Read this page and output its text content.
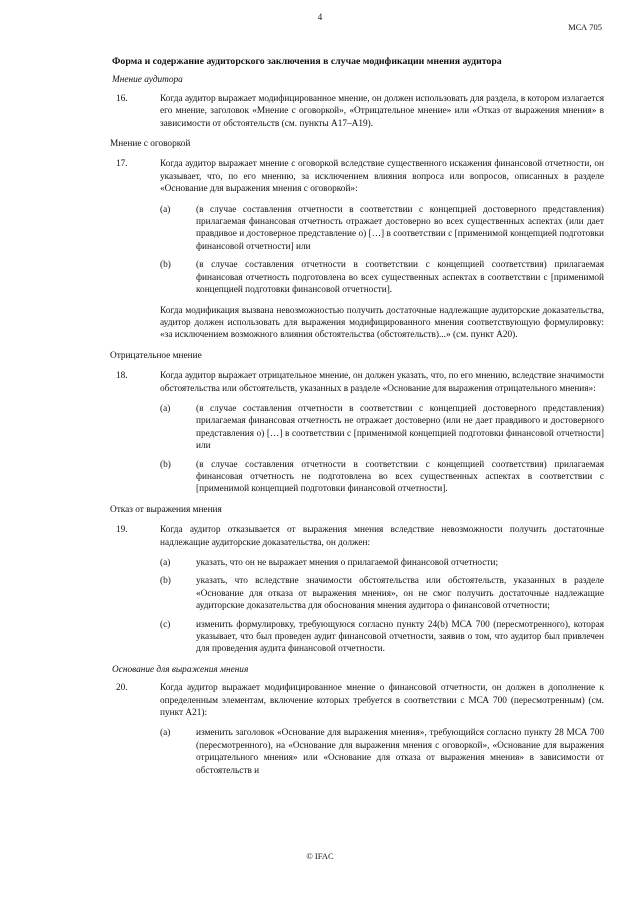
4
МСА 705
Форма и содержание аудиторского заключения в случае модификации мнения аудитора
Мнение аудитора
16.	Когда аудитор выражает модифицированное мнение, он должен использовать для раздела, в котором излагается его мнение, заголовок «Мнение с оговоркой», «Отрицательное мнение» или «Отказ от выражения мнения» в зависимости от обстоятельств (см. пункты A17–A19).
Мнение с оговоркой
17.	Когда аудитор выражает мнение с оговоркой вследствие существенного искажения финансовой отчетности, он указывает, что, по его мнению, за исключением влияния вопроса или вопросов, описанных в разделе «Основание для выражения мнения с оговоркой»:
(a)	(в случае составления отчетности в соответствии с концепцией достоверного представления) прилагаемая финансовая отчетность отражает достоверно во всех существенных аспектах (или дает правдивое и достоверное представление о) […] в соответствии с [применимой концепцией подготовки финансовой отчетности] или
(b)	(в случае составления отчетности в соответствии с концепцией соответствия) прилагаемая финансовая отчетность подготовлена во всех существенных аспектах в соответствии с [применимой концепцией подготовки финансовой отчетности].
Когда модификация вызвана невозможностью получить достаточные надлежащие аудиторские доказательства, аудитор должен использовать для выражения модифицированного мнения соответствующую формулировку: «за исключением возможного влияния обстоятельства (обстоятельств)...» (см. пункт A20).
Отрицательное мнение
18.	Когда аудитор выражает отрицательное мнение, он должен указать, что, по его мнению, вследствие значимости обстоятельства или обстоятельств, указанных в разделе «Основание для выражения отрицательного мнения»:
(a)	(в случае составления отчетности в соответствии с концепцией достоверного представления) прилагаемая финансовая отчетность не отражает достоверно (или не дает правдивого и достоверного представления о) […] в соответствии с [применимой концепцией подготовки финансовой отчетности] или
(b)	(в случае составления отчетности в соответствии с концепцией соответствия) прилагаемая финансовая отчетность не подготовлена во всех существенных аспектах в соответствии с [применимой концепцией подготовки финансовой отчетности].
Отказ от выражения мнения
19.	Когда аудитор отказывается от выражения мнения вследствие невозможности получить достаточные надлежащие аудиторские доказательства, он должен:
(a)	указать, что он не выражает мнения о прилагаемой финансовой отчетности;
(b)	указать, что вследствие значимости обстоятельства или обстоятельств, указанных в разделе «Основание для отказа от выражения мнения», он не смог получить достаточные надлежащие аудиторские доказательства для обоснования мнения аудитора о финансовой отчетности;
(c)	изменить формулировку, требующуюся согласно пункту 24(b) МСА 700 (пересмотренного), которая указывает, что был проведен аудит финансовой отчетности, заявив о том, что аудитор был привлечен для проведения аудита финансовой отчетности.
Основание для выражения мнения
20.	Когда аудитор выражает модифицированное мнение о финансовой отчетности, он должен в дополнение к определенным элементам, включение которых требуется в соответствии с МСА 700 (пересмотренным) (см. пункт A21):
(a)	изменить заголовок «Основание для выражения мнения», требующийся согласно пункту 28 МСА 700 (пересмотренного), на «Основание для выражения мнения с оговоркой», «Основание для выражения отрицательного мнения» или «Основание для отказа от выражения мнения» в зависимости от обстоятельств и
© IFAC
